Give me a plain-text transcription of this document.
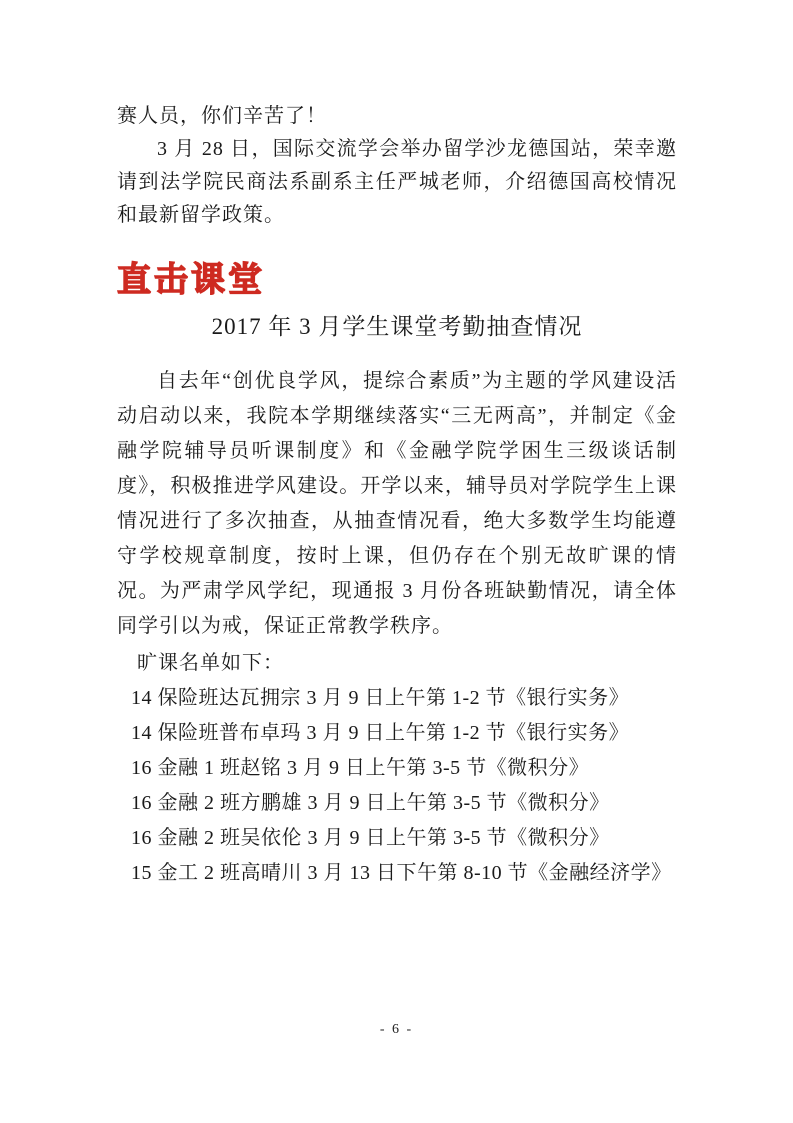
赛人员，你们辛苦了！

3 月 28 日，国际交流学会举办留学沙龙德国站，荣幸邀请到法学院民商法系副系主任严城老师，介绍德国高校情况和最新留学政策。

直击课堂
2017 年 3 月学生课堂考勤抽查情况

自去年“创优良学风，提综合素质”为主题的学风建设活动启动以来，我院本学期继续落实“三无两高”，并制定《金融学院辅导员听课制度》和《金融学院学困生三级谈话制度》，积极推进学风建设。开学以来，辅导员对学院学生上课情况进行了多次抽查，从抽查情况看，绝大多数学生均能遵守学校规章制度，按时上课，但仍存在个别无故旷课的情况。为严肃学风学纪，现通报 3 月份各班缺勤情况，请全体同学引以为戒，保证正常教学秩序。

旷课名单如下：

14 保险班达瓦拥宗 3 月 9 日上午第 1-2 节《银行实务》
14 保险班普布卓玛 3 月 9 日上午第 1-2 节《银行实务》
16 金融 1 班赵铭 3 月 9 日上午第 3-5 节《微积分》
16 金融 2 班方鹏雄 3 月 9 日上午第 3-5 节《微积分》
16 金融 2 班吴依伦 3 月 9 日上午第 3-5 节《微积分》
15 金工 2 班高晴川 3 月 13 日下午第 8-10 节《金融经济学》
- 6 -
